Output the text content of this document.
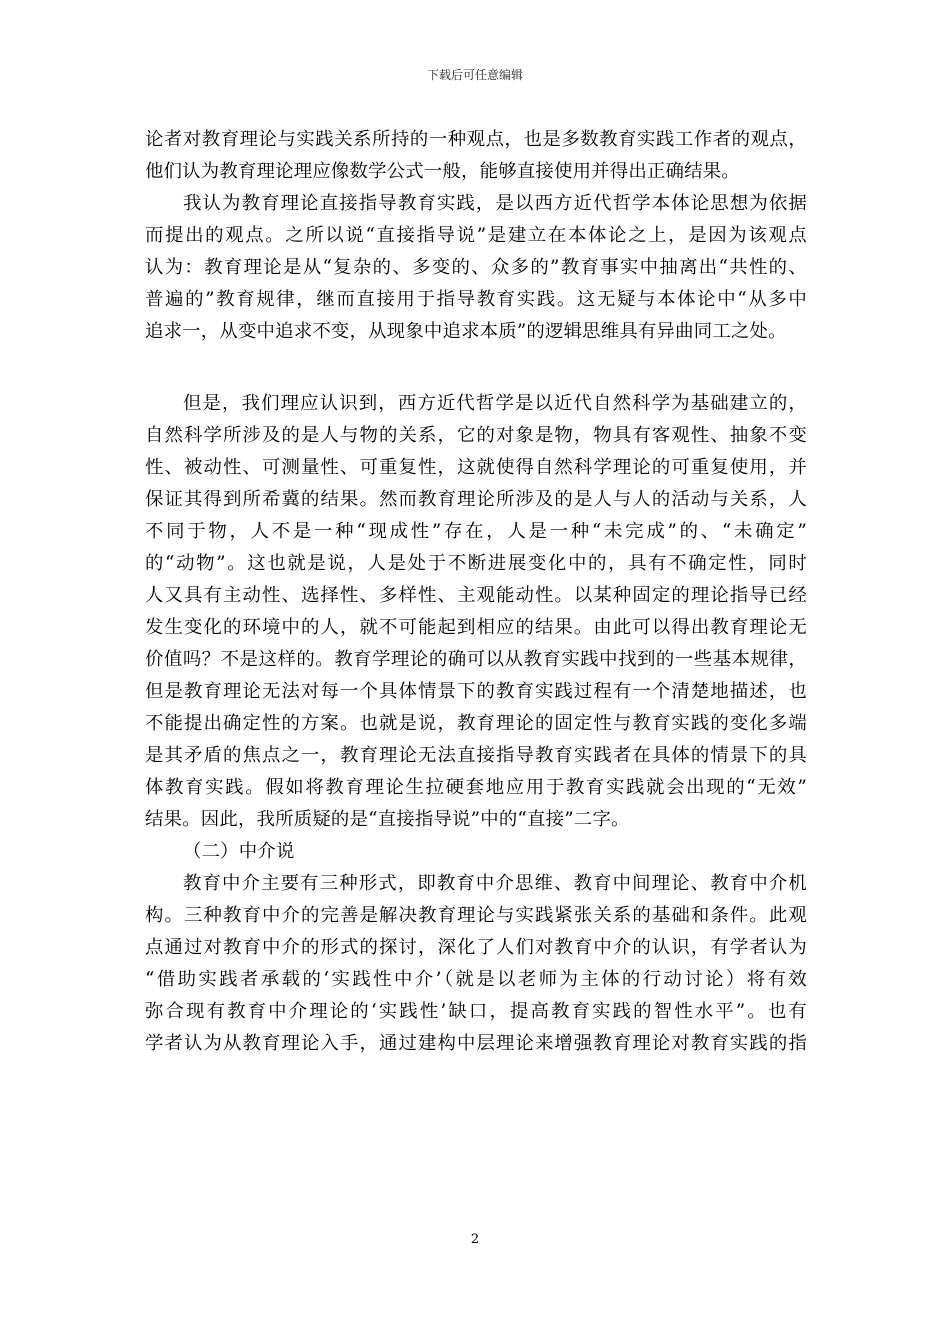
下载后可任意编辑
论者对教育理论与实践关系所持的一种观点，也是多数教育实践工作者的观点，
他们认为教育理论理应像数学公式一般，能够直接使用并得出正确结果。
我认为教育理论直接指导教育实践，是以西方近代哲学本体论思想为依据
而提出的观点。之所以说“直接指导说”是建立在本体论之上，是因为该观点
认为：教育理论是从“复杂的、多变的、众多的”教育事实中抽离出“共性的、
普遍的”教育规律，继而直接用于指导教育实践。这无疑与本体论中“从多中
追求一，从变中追求不变，从现象中追求本质”的逻辑思维具有异曲同工之处。
但是，我们理应认识到，西方近代哲学是以近代自然科学为基础建立的，
自然科学所涉及的是人与物的关系，它的对象是物，物具有客观性、抽象不变
性、被动性、可测量性、可重复性，这就使得自然科学理论的可重复使用，并
保证其得到所希冀的结果。然而教育理论所涉及的是人与人的活动与关系，人
不同于物，人不是一种“现成性”存在，人是一种“未完成”的、“未确定”
的“动物”。这也就是说，人是处于不断进展变化中的，具有不确定性，同时
人又具有主动性、选择性、多样性、主观能动性。以某种固定的理论指导已经
发生变化的环境中的人，就不可能起到相应的结果。由此可以得出教育理论无
价值吗？不是这样的。教育学理论的确可以从教育实践中找到的一些基本规律，
但是教育理论无法对每一个具体情景下的教育实践过程有一个清楚地描述，也
不能提出确定性的方案。也就是说，教育理论的固定性与教育实践的变化多端
是其矛盾的焦点之一，教育理论无法直接指导教育实践者在具体的情景下的具
体教育实践。假如将教育理论生拉硬套地应用于教育实践就会出现的“无效”
结果。因此，我所质疑的是“直接指导说”中的“直接”二字。
（二）中介说
教育中介主要有三种形式，即教育中介思维、教育中间理论、教育中介机
构。三种教育中介的完善是解决教育理论与实践紧张关系的基础和条件。此观
点通过对教育中介的形式的探讨，深化了人们对教育中介的认识，有学者认为
“借助实践者承载的‘实践性中介’（就是以老师为主体的行动讨论）将有效
弥合现有教育中介理论的‘实践性’缺口，提高教育实践的智性水平”。也有
学者认为从教育理论入手，通过建构中层理论来增强教育理论对教育实践的指
2
